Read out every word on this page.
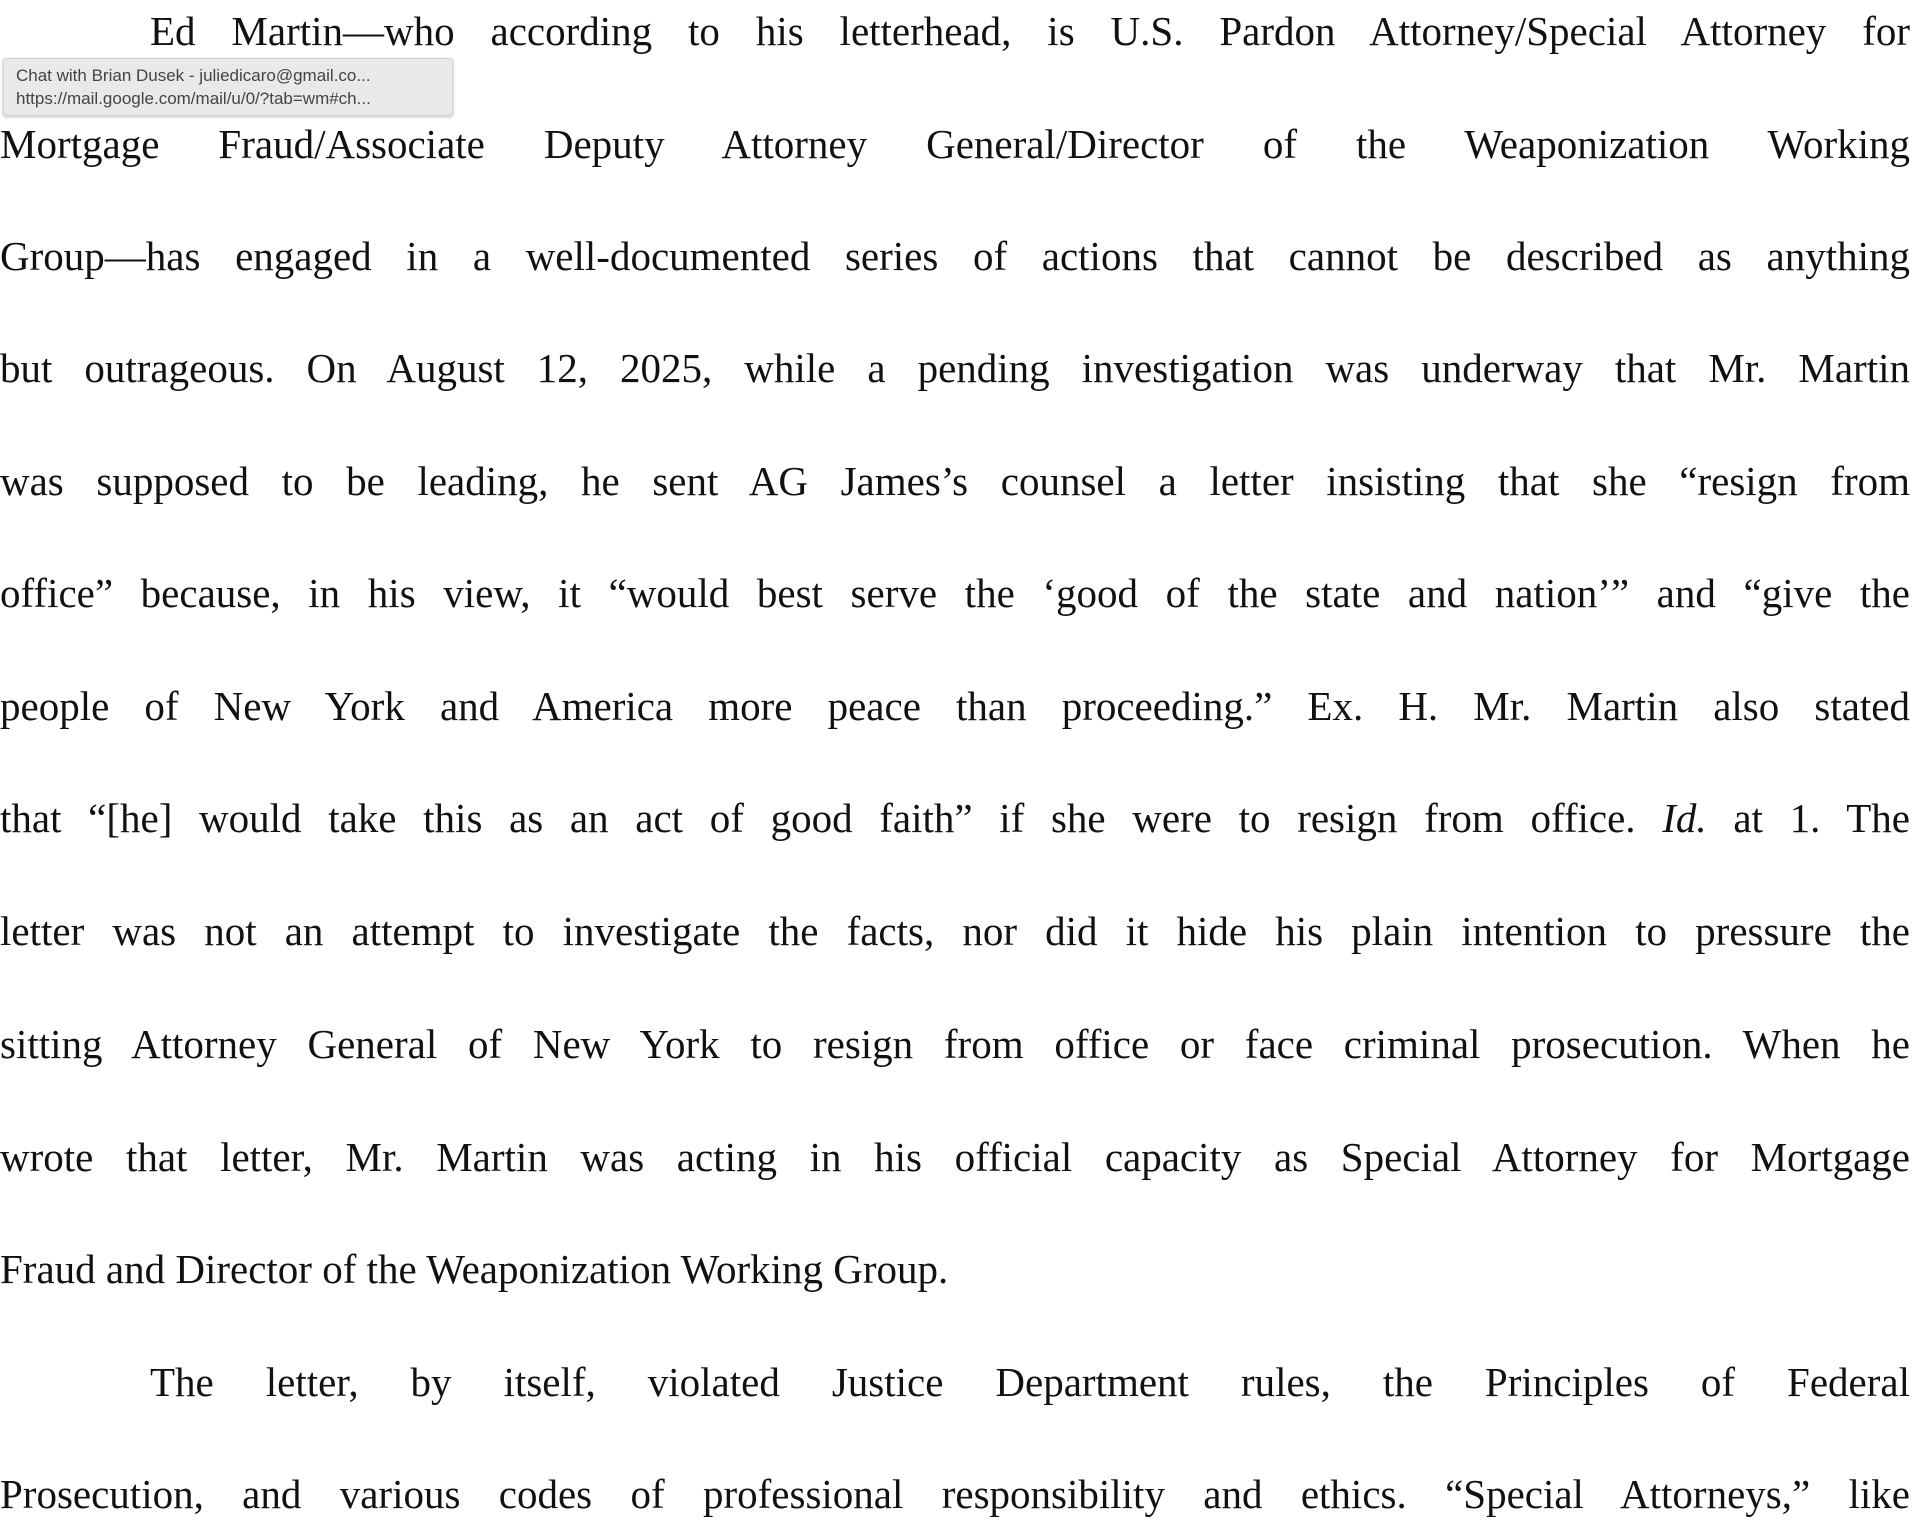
Ed Martin—who according to his letterhead, is U.S. Pardon Attorney/Special Attorney for
Mortgage Fraud/Associate Deputy Attorney General/Director of the Weaponization Working
Group—has engaged in a well-documented series of actions that cannot be described as anything
but outrageous. On August 12, 2025, while a pending investigation was underway that Mr. Martin
was supposed to be leading, he sent AG James’s counsel a letter insisting that she “resign from
office” because, in his view, it “would best serve the ‘good of the state and nation’” and “give the
people of New York and America more peace than proceeding.” Ex. H. Mr. Martin also stated
that “[he] would take this as an act of good faith” if she were to resign from office. Id. at 1. The
letter was not an attempt to investigate the facts, nor did it hide his plain intention to pressure the
sitting Attorney General of New York to resign from office or face criminal prosecution. When he
wrote that letter, Mr. Martin was acting in his official capacity as Special Attorney for Mortgage
Fraud and Director of the Weaponization Working Group.
The letter, by itself, violated Justice Department rules, the Principles of Federal
Prosecution, and various codes of professional responsibility and ethics. “Special Attorneys,” like
Chat with Brian Dusek - juliedicaro@gmail.co...
https://mail.google.com/mail/u/0/?tab=wm#ch...
